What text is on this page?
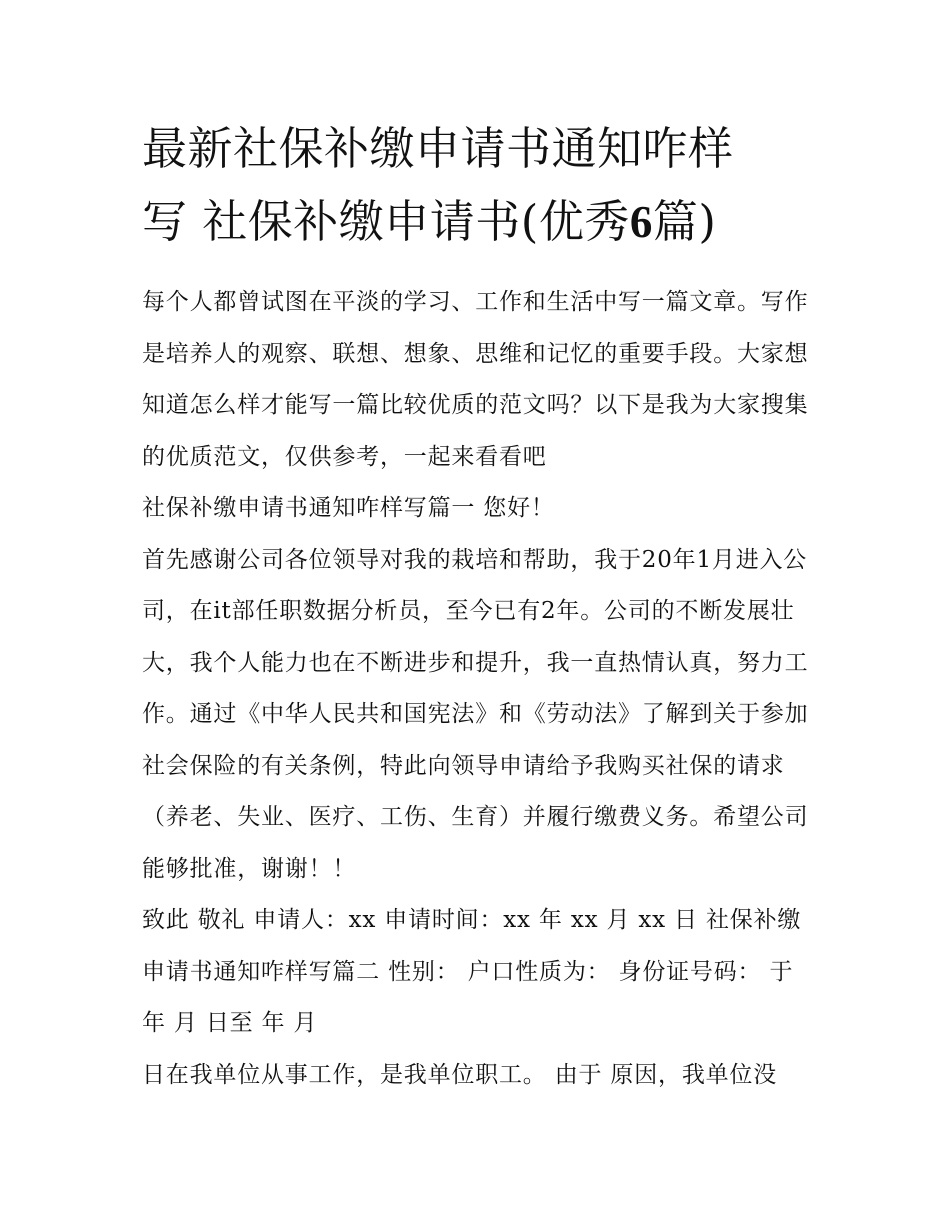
最新社保补缴申请书通知咋样
写 社保补缴申请书(优秀6篇)

每个人都曾试图在平淡的学习、工作和生活中写一篇文章。写作是培养人的观察、联想、想象、思维和记忆的重要手段。大家想知道怎么样才能写一篇比较优质的范文吗？以下是我为大家搜集的优质范文，仅供参考，一起来看看吧

社保补缴申请书通知咋样写篇一 您好！

首先感谢公司各位领导对我的栽培和帮助，我于20年1月进入公司，在it部任职数据分析员，至今已有2年。公司的不断发展壮大，我个人能力也在不断进步和提升，我一直热情认真，努力工作。通过《中华人民共和国宪法》和《劳动法》了解到关于参加社会保险的有关条例，特此向领导申请给予我购买社保的请求（养老、失业、医疗、工伤、生育）并履行缴费义务。希望公司能够批准，谢谢！！

致此 敬礼 申请人：xx 申请时间：xx 年 xx 月 xx 日 社保补缴申请书通知咋样写篇二 性别： 户口性质为： 身份证号码： 于 年 月 日至 年 月

日在我单位从事工作，是我单位职工。 由于 原因，我单位没
